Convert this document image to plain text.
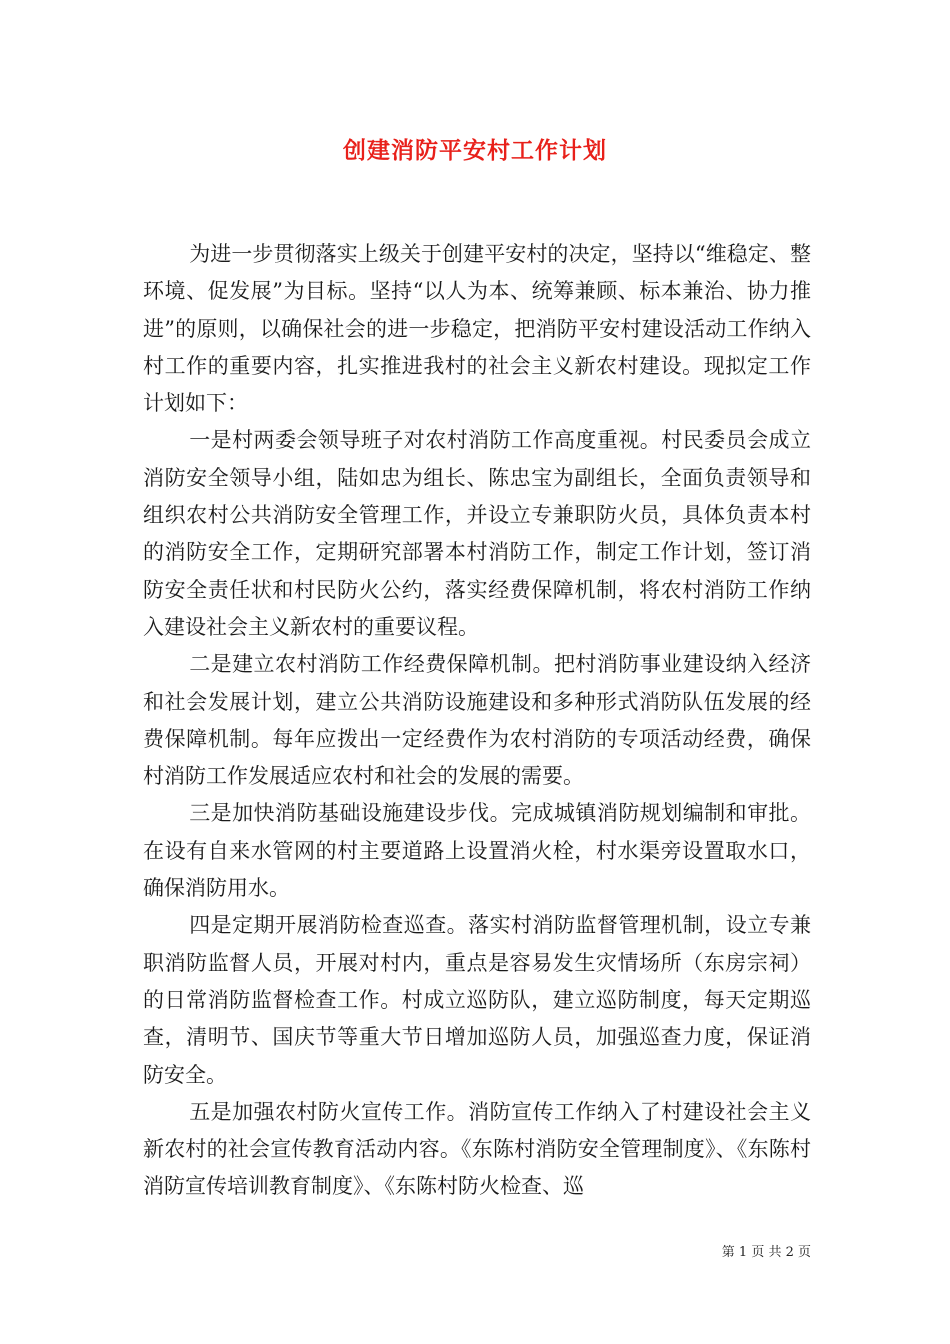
创建消防平安村工作计划

为进一步贯彻落实上级关于创建平安村的决定，坚持以“维稳定、整环境、促发展”为目标。坚持“以人为本、统筹兼顾、标本兼治、协力推进”的原则，以确保社会的进一步稳定，把消防平安村建设活动工作纳入村工作的重要内容，扎实推进我村的社会主义新农村建设。现拟定工作计划如下：

一是村两委会领导班子对农村消防工作高度重视。村民委员会成立消防安全领导小组，陆如忠为组长、陈忠宝为副组长，全面负责领导和组织农村公共消防安全管理工作，并设立专兼职防火员，具体负责本村的消防安全工作，定期研究部署本村消防工作，制定工作计划，签订消防安全责任状和村民防火公约，落实经费保障机制，将农村消防工作纳入建设社会主义新农村的重要议程。

二是建立农村消防工作经费保障机制。把村消防事业建设纳入经济和社会发展计划，建立公共消防设施建设和多种形式消防队伍发展的经费保障机制。每年应拨出一定经费作为农村消防的专项活动经费，确保村消防工作发展适应农村和社会的发展的需要。

三是加快消防基础设施建设步伐。完成城镇消防规划编制和审批。在设有自来水管网的村主要道路上设置消火栓，村水渠旁设置取水口，确保消防用水。

四是定期开展消防检查巡查。落实村消防监督管理机制，设立专兼职消防监督人员，开展对村内，重点是容易发生灾情场所（东房宗祠）的日常消防监督检查工作。村成立巡防队，建立巡防制度，每天定期巡查，清明节、国庆节等重大节日增加巡防人员，加强巡查力度，保证消防安全。

五是加强农村防火宣传工作。消防宣传工作纳入了村建设社会主义新农村的社会宣传教育活动内容。《东陈村消防安全管理制度》、《东陈村消防宣传培训教育制度》、《东陈村防火检查、巡

第 1 页 共 2 页
